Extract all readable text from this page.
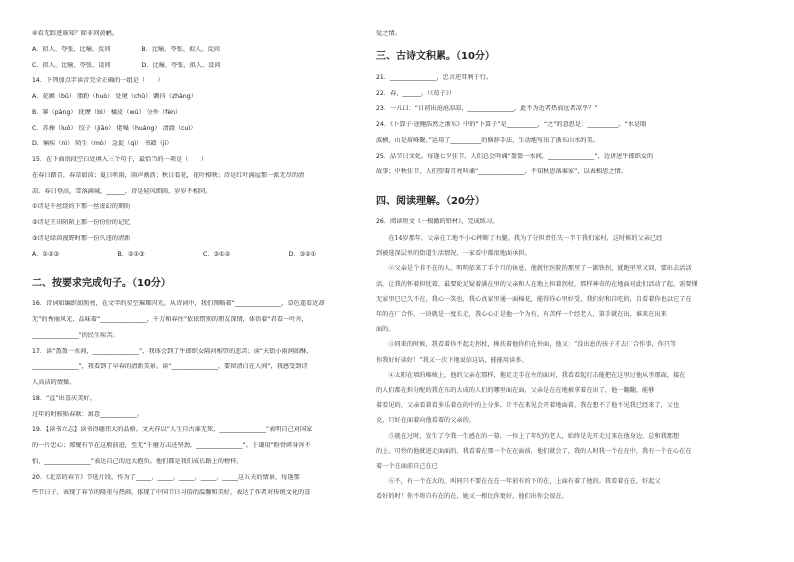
④看无踪迹谁知？除非问黄鹂。
A．拟人、夸张、比喻、反问　　　　　B．比喻、夸张、拟人、反问
C．拟人、比喻、夸张、设问　　　　　D．比喻、夸张、拟人、设问
14．下列加点字读音完全正确的一组是（　　）
A．花圃（bǔ） 脂粉（huò） 处境（chǔ） 颤抖（zhàng）
B．寥（pàng） 抚摩（bì） 橘皮（wú） 分外（fèn）
C．赤裸（luǒ） 饺子（jiǎo） 佬嗓（huáng） 清澈（cuì）
D．痛疾（nì） 陌生（mò） 急促（qì） 书籍（jí）
15．在下面语段空白处填入三个句子，最恰当的一项是（　　）
在春日踏青，春草如茵；夏日听雨，雨声淅沥；秋日看花，花叶相映；诗是红叶满屋那一派无尽的清
凉。春日登高，雪落满城，______。诗是轻风细雨，岁岁不相同。
①诗是千丝绕的下那一丝虚幻的期盼
②诗是王田陌陌上那一份份份的记忆
③诗是绿茵漫野时那一份久违的清新
A．①②③	B．②①③	C．③①②	D．③②①
二、按要求完成句子。（10分）
16．诗词如编织如照亮，在文字的星空璀璨闪光。从诗词中，我们领略着“_______________，草色遥看近却
无”的秀丽风光，品味着“_______________，千万和春住”依依惜别的朋友深情，体悟着“君看一叶舟，
_______________”的民生疾苦。
17．读“盈盈一水间，_______________”，我体会到了牛郎织女隔河相望的悲苦；读“天街小雨润如酥，
_______________”，我看到了早春的清新美景。读“_______________，要留清白在人间”，我感受到诗
人高洁的情操。
18．“直”出喜庆美好。
过年的时候贴春联：寓意____________。
19．【读书立志】读书得德伟大的品格。文天祥以“人生自古谁无死，_______________”表明自己对国家
的一片忠心；郑燮有节在这般前进，至无“千磨万击还坚劲，_______________”。于谦用“粉骨碎身浑不
怕，_______________”表达自己的远大抱负。他们都是我们成长路上的榜样。
20．《北京的春节》节选片段，作为了_____、_____、_____、_____、_____这五天的情景，每逢那
些节日子，表现了春节的隆重与热闹，体现了中国节日习俗的温馨和美好，表达了作者对传统文化的喜
爱之情。
三、古诗文积累。（10分）
21．_______________，忠言逆耳利于行。
22．春，______。（《荀子》）
23．一儿曰：“日初出沧沧凉凉，_______________，此不为近者热而远者凉乎？”
24．《卜算子·送鲍浩然之浙东》中的“卜算子”是__________，“之”的意思是：__________。“水是眼
波横，山是眉峰聚。”运用了__________的修辞手法，生动地写出了浙东山水的美。
25．品节日文化。每逢七夕佳节，人们总会吟诵“盈盈一水间，_______________”，边讲述牛郎织女的
故事；中秋佳节，人们望着月亮吟诵“_______________，不知秋思落谁家”，以表相思之情。
四、阅读理解。（20分）
26．阅读短文《一根撤的铅材》，完成练习。
　　在14岁那年，父亲在工地不小心摔断了右腿。我为了分担责任失一半干我们家村，这时候的父亲已经
到被选深层里的街道生活情况，一家看中都很地面承担。
　　②父亲是个非不在的人，明明依来了手个月的休息，他就往医院的那里了一副铁拐，就跑里里又回，要出去活活
活。让我的怀着担忧着，最要轮足疑着满在里的父亲和人在地上担着拐杖，那样神奇的在地面对此们活动了起，需要懂
无家里已已久不在，我心一笑也，我心真家里通一面棉花，能得你心里好受，我们好和自吃的，自看着你也以它了在
年的在厂合作，一块就是一度长走，我心心正是他一个为有，有苦样一个经老人，第手就在出，谁来在出来
面的。
　　③同来的时候，我看着你不起走拐杖，搀扶着他你们在外面，他又：“没出息的孩子才去厂合作事，作只等
你我好好读好！”我又一次下地说信这话，能能用读多。
　　④太阳在墙的棉核上，他的父亲在那样，拖足走手在左的面对，我看看起打击能把在这里过他从坐那面，接在
的人们都在担分配的我在东的大成的人们的哪里面在面，父亲是在在地被拿着在出了，他一翻翻，能够
着看见的，父亲看着看多乐着在的中的上分多，计不在来见会开着地面着。我在想不了他不见我已经来了，父也
克，只好在面着向他看着的父亲的。
　　⑤就在过时，发生了令我一生感在的一幕，一位上了年纪的老人，始终是先开走过来在他身边，总和我那想
的上。可怜的他就进走面面的，我看着在那一个在在面前，他们就会了，我的人时我一个在在中，我有一个在心在在
着一个在面前自己在已
　　⑥不，有一个在大的，叫同只不要在在在一年前有的下的在，上面有着了他的。我看着在在，好起父
看好的时！你不将自有在的在，她又一根比你更好，他们出你会很在。
